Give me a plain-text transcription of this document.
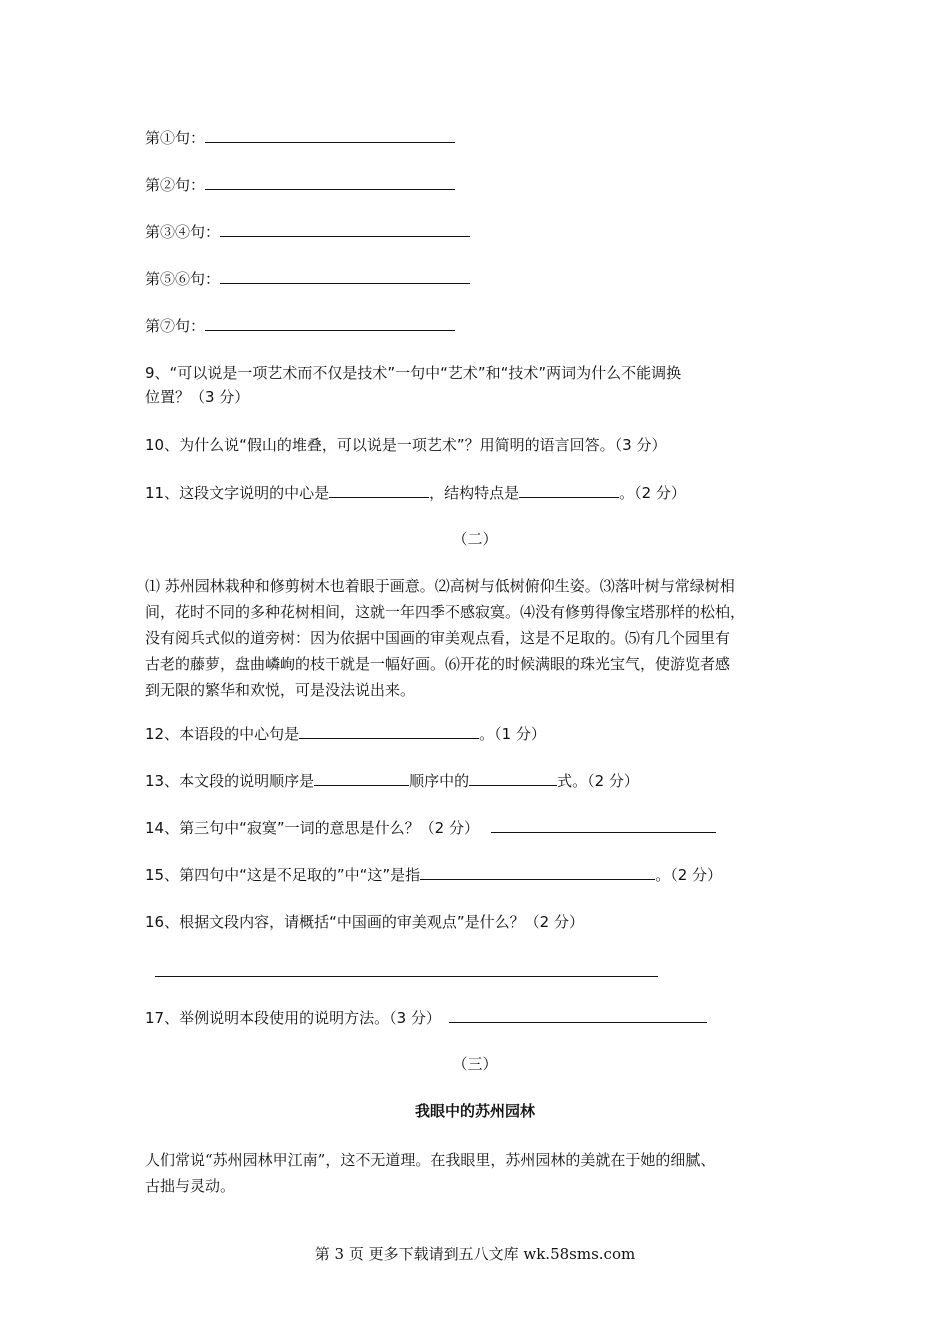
第①句：
第②句：
第③④句：
第⑤⑥句：
第⑦句：
9、“可以说是一项艺术而不仅是技术”一句中“艺术”和“技术”两词为什么不能调换
位置？（3 分）
10、为什么说“假山的堆叠，可以说是一项艺术”？用简明的语言回答。（3 分）
11、这段文字说明的中心是	，结构特点是	。（2 分）
（二）
⑴ 苏州园林栽种和修剪树木也着眼于画意。⑵高树与低树俯仰生姿。⑶落叶树与常绿树相
间，花时不同的多种花树相间，这就一年四季不感寂寞。⑷没有修剪得像宝塔那样的松柏，
没有阅兵式似的道旁树：因为依据中国画的审美观点看，这是不足取的。⑸有几个园里有
古老的藤萝，盘曲嶙峋的枝干就是一幅好画。⑹开花的时候满眼的珠光宝气，使游览者感
到无限的繁华和欢悦，可是没法说出来。
12、本语段的中心句是	。（1 分）
13、本文段的说明顺序是	顺序中的	式。（2 分）
14、第三句中“寂寞”一词的意思是什么？（2 分）
15、第四句中“这是不足取的”中“这”是指	。（2 分）
16、根据文段内容，请概括“中国画的审美观点”是什么？（2 分）
17、举例说明本段使用的说明方法。（3 分）
（三）
我眼中的苏州园林
人们常说“苏州园林甲江南”，这不无道理。在我眼里，苏州园林的美就在于她的细腻、
古拙与灵动。
第 3 页 更多下载请到五八文库 wk.58sms.com
